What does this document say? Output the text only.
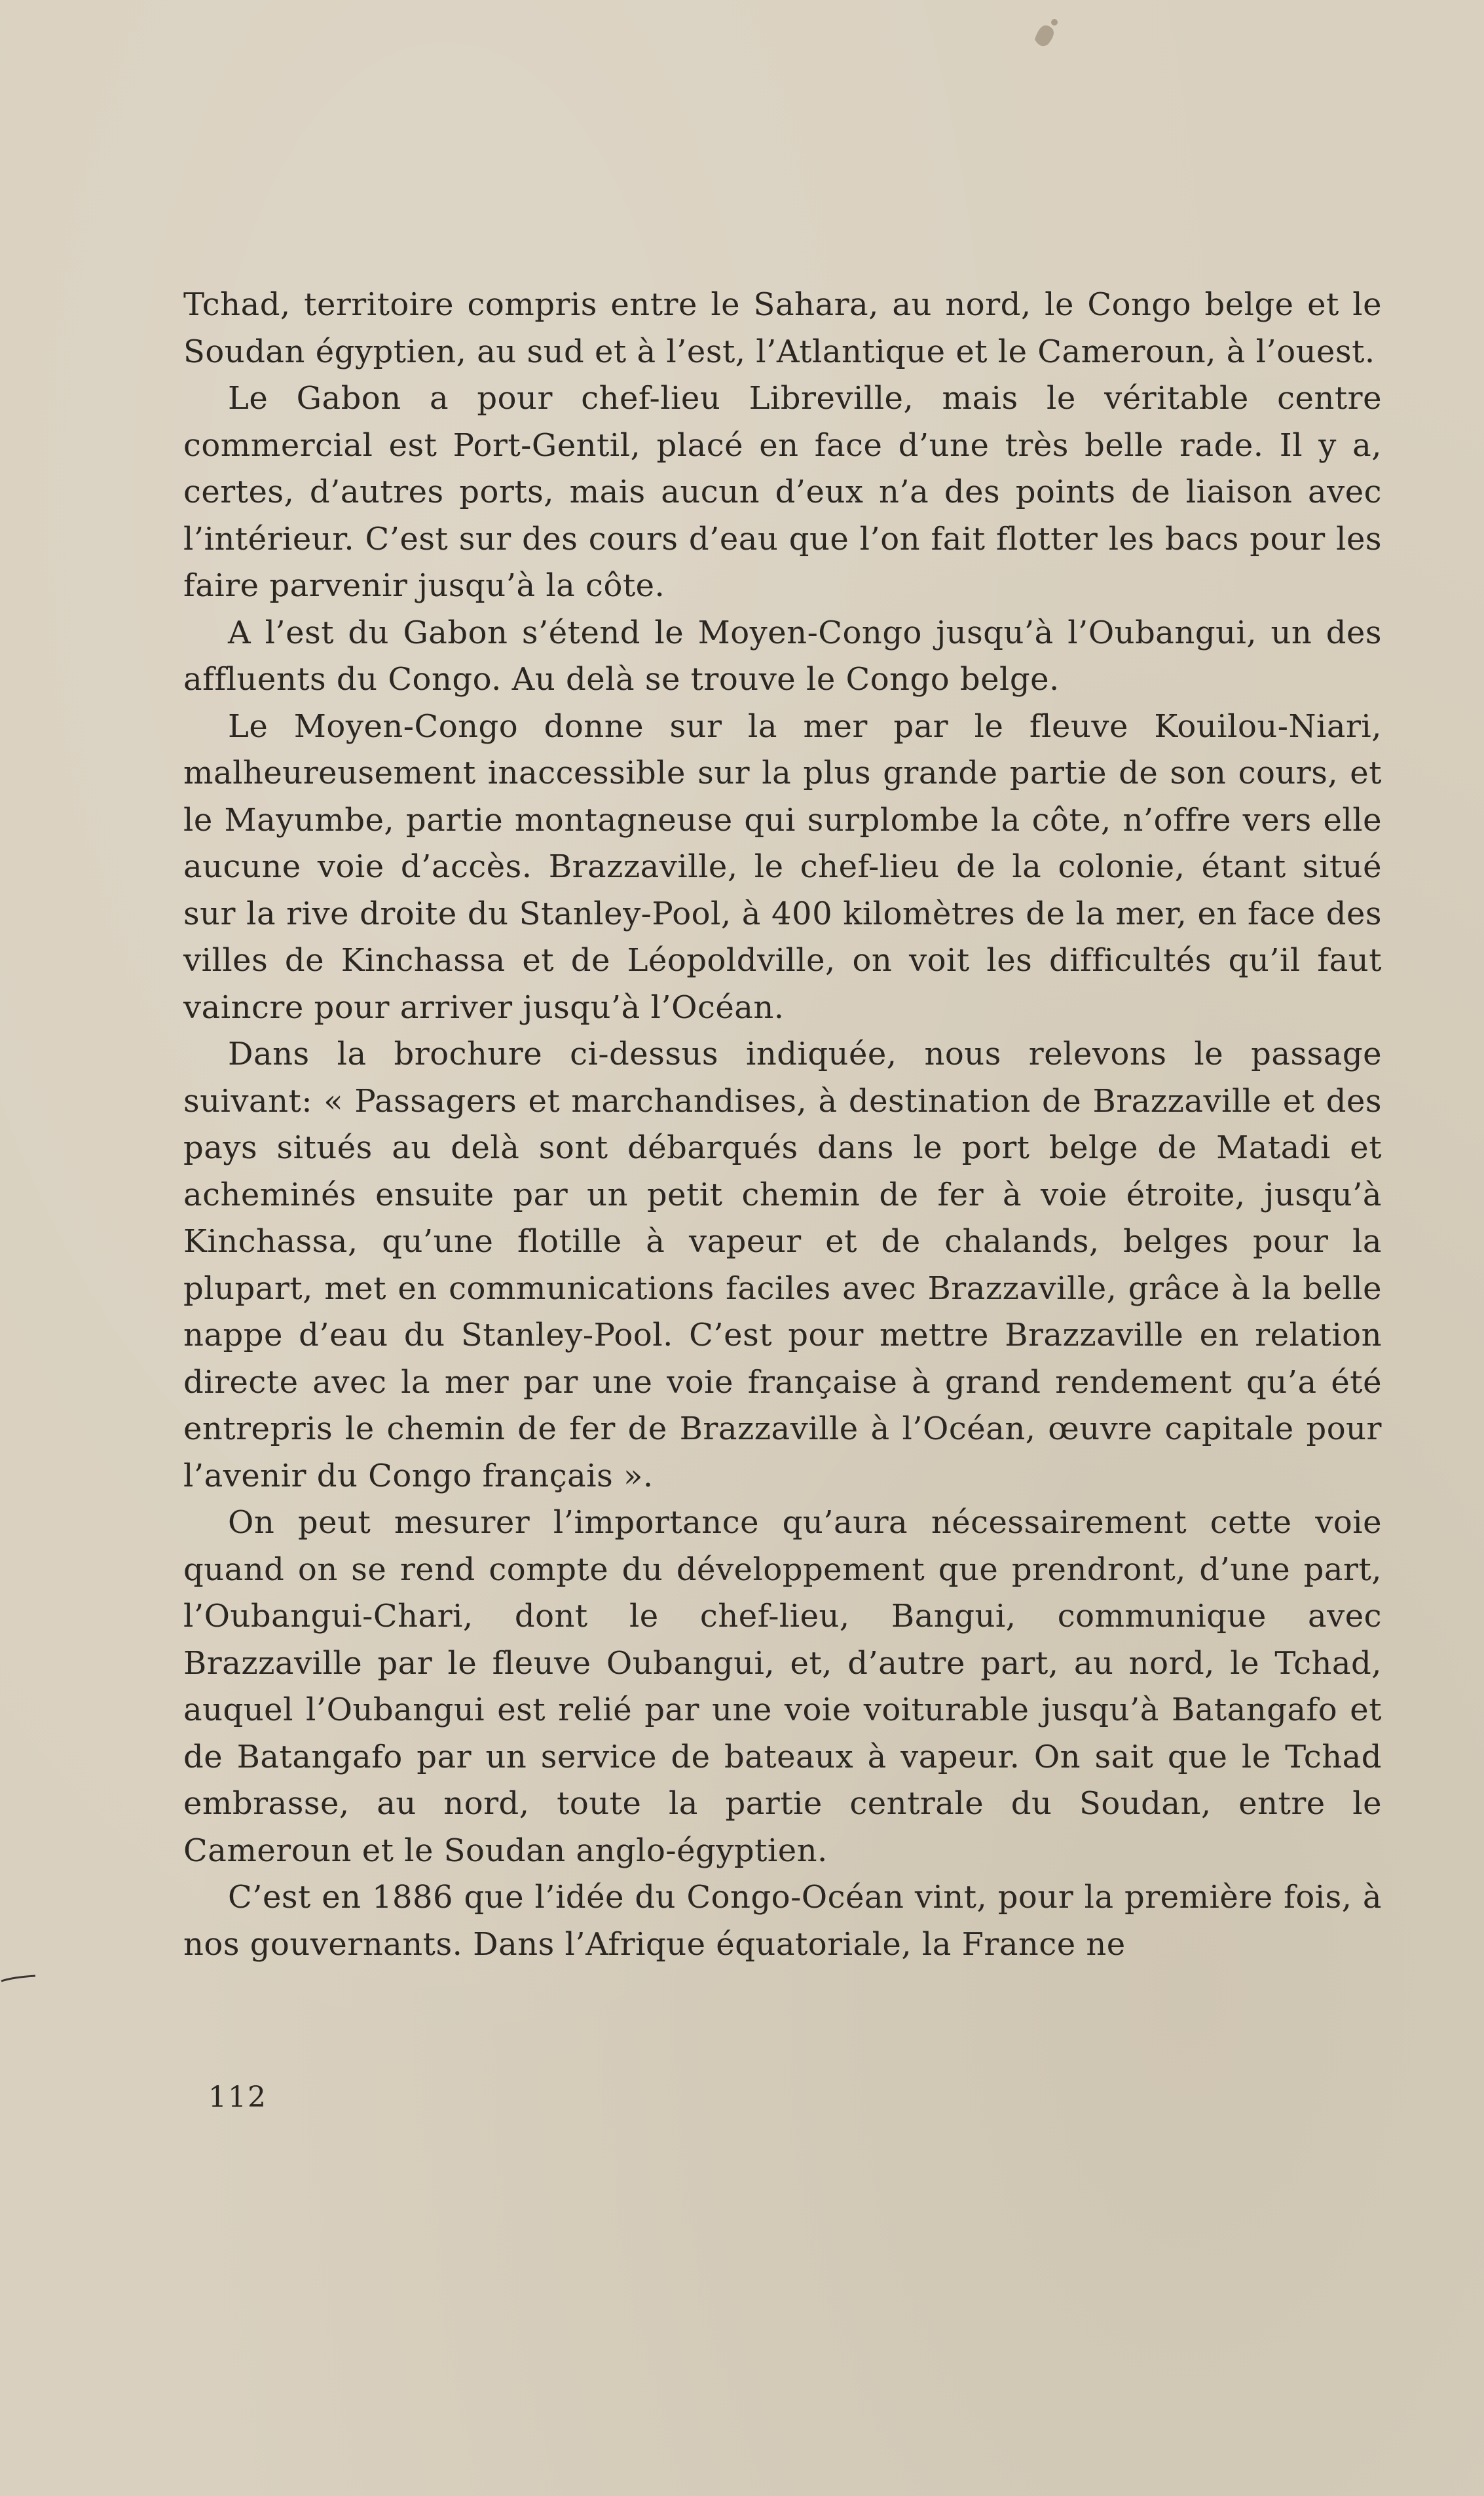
Tchad, territoire compris entre le Sahara, au nord, le Congo belge et le Soudan égyptien, au sud et à l’est, l’Atlantique et le Cameroun, à l’ouest.

Le Gabon a pour chef-lieu Libreville, mais le véritable centre commercial est Port-Gentil, placé en face d’une très belle rade. Il y a, certes, d’autres ports, mais aucun d’eux n’a des points de liaison avec l’intérieur. C’est sur des cours d’eau que l’on fait flotter les bacs pour les faire parvenir jusqu’à la côte.

A l’est du Gabon s’étend le Moyen-Congo jusqu’à l’Oubangui, un des affluents du Congo. Au delà se trouve le Congo belge.

Le Moyen-Congo donne sur la mer par le fleuve Kouilou-Niari, malheureusement inaccessible sur la plus grande partie de son cours, et le Mayumbe, partie montagneuse qui surplombe la côte, n’offre vers elle aucune voie d’accès. Brazzaville, le chef-lieu de la colonie, étant situé sur la rive droite du Stanley-Pool, à 400 kilomètres de la mer, en face des villes de Kinchassa et de Léopoldville, on voit les difficultés qu’il faut vaincre pour arriver jusqu’à l’Océan.

Dans la brochure ci-dessus indiquée, nous relevons le passage suivant: « Passagers et marchandises, à destination de Brazzaville et des pays situés au delà sont débarqués dans le port belge de Matadi et acheminés ensuite par un petit chemin de fer à voie étroite, jusqu’à Kinchassa, qu’une flotille à vapeur et de chalands, belges pour la plupart, met en communications faciles avec Brazzaville, grâce à la belle nappe d’eau du Stanley-Pool. C’est pour mettre Brazzaville en relation directe avec la mer par une voie française à grand rendement qu’a été entrepris le chemin de fer de Brazzaville à l’Océan, œuvre capitale pour l’avenir du Congo français ».

On peut mesurer l’importance qu’aura nécessairement cette voie quand on se rend compte du développement que prendront, d’une part, l’Oubangui-Chari, dont le chef-lieu, Bangui, communique avec Brazzaville par le fleuve Oubangui, et, d’autre part, au nord, le Tchad, auquel l’Oubangui est relié par une voie voiturable jusqu’à Batangafo et de Batangafo par un service de bateaux à vapeur. On sait que le Tchad embrasse, au nord, toute la partie centrale du Soudan, entre le Cameroun et le Soudan anglo-égyptien.

C’est en 1886 que l’idée du Congo-Océan vint, pour la première fois, à nos gouvernants. Dans l’Afrique équatoriale, la France ne

112
